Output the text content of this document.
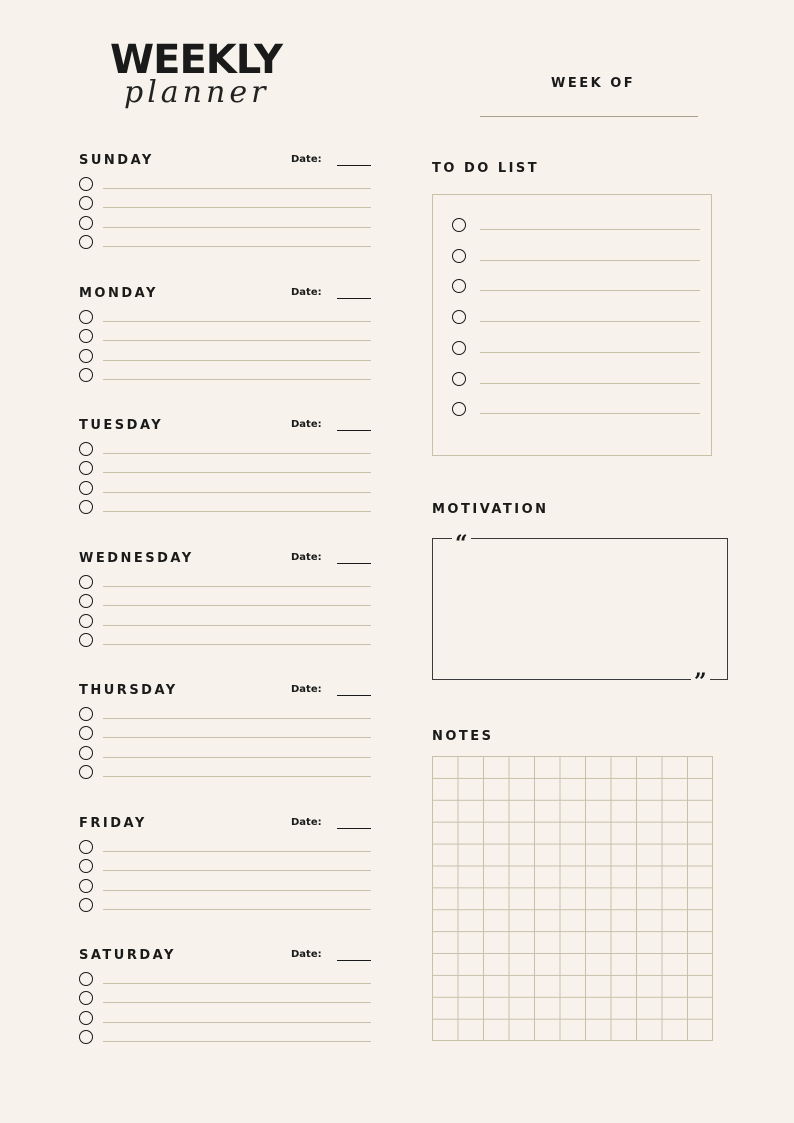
WEEKLY
planner	WEEK OF
SUNDAY	Date:
MONDAY	Date:
TUESDAY	Date:
WEDNESDAY	Date:
THURSDAY	Date:
FRIDAY	Date:
SATURDAY	Date:
TO DO LIST
MOTIVATION
“
”
NOTES
